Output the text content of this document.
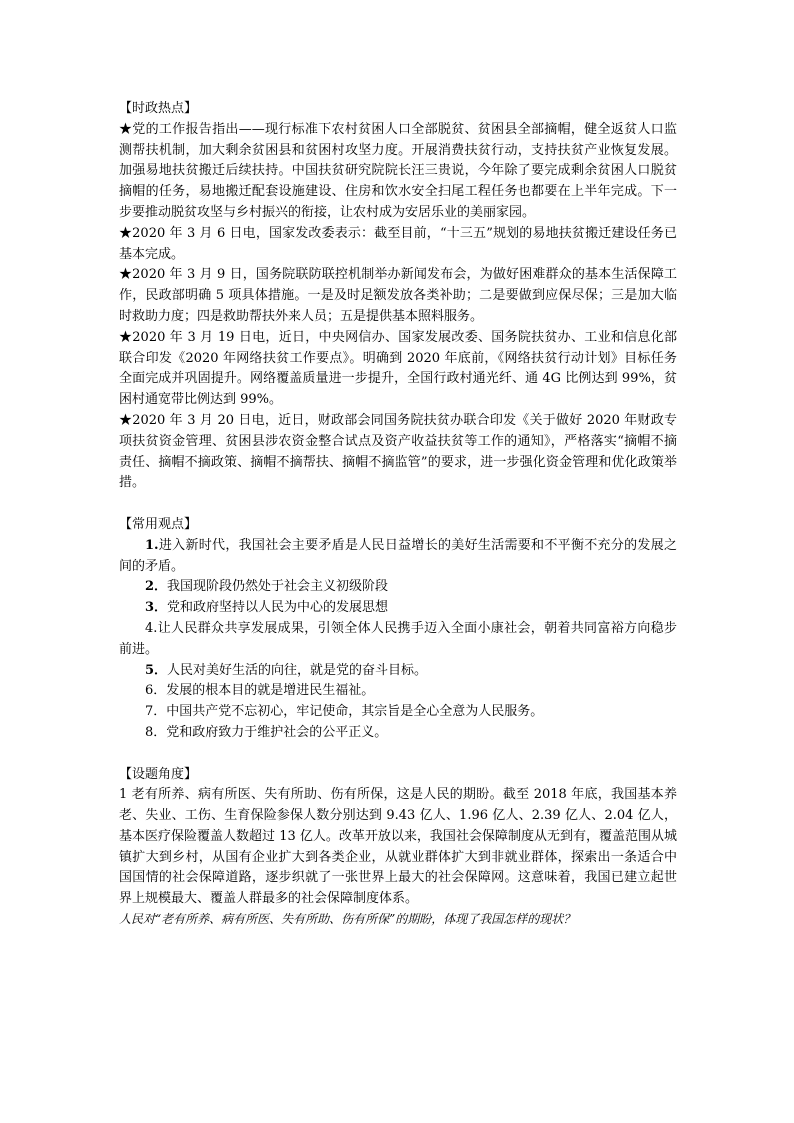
【时政热点】

★党的工作报告指出——现行标准下农村贫困人口全部脱贫、贫困县全部摘帽，健全返贫人口监测帮扶机制，加大剩余贫困县和贫困村攻坚力度。开展消费扶贫行动，支持扶贫产业恢复发展。加强易地扶贫搬迁后续扶持。中国扶贫研究院院长汪三贵说，今年除了要完成剩余贫困人口脱贫摘帽的任务，易地搬迁配套设施建设、住房和饮水安全扫尾工程任务也都要在上半年完成。下一步要推动脱贫攻坚与乡村振兴的衔接，让农村成为安居乐业的美丽家园。

★2020 年 3 月 6 日电，国家发改委表示：截至目前，“十三五”规划的易地扶贫搬迁建设任务已基本完成。

★2020 年 3 月 9 日，国务院联防联控机制举办新闻发布会，为做好困难群众的基本生活保障工作，民政部明确 5 项具体措施。一是及时足额发放各类补助；二是要做到应保尽保；三是加大临时救助力度；四是救助帮扶外来人员；五是提供基本照料服务。

★2020 年 3 月 19 日电，近日，中央网信办、国家发展改委、国务院扶贫办、工业和信息化部联合印发《2020 年网络扶贫工作要点》。明确到 2020 年底前，《网络扶贫行动计划》目标任务全面完成并巩固提升。网络覆盖质量进一步提升，全国行政村通光纤、通 4G 比例达到 99%，贫困村通宽带比例达到 99%。

★2020 年 3 月 20 日电，近日，财政部会同国务院扶贫办联合印发《关于做好 2020 年财政专项扶贫资金管理、贫困县涉农资金整合试点及资产收益扶贫等工作的通知》，严格落实“摘帽不摘责任、摘帽不摘政策、摘帽不摘帮扶、摘帽不摘监管”的要求，进一步强化资金管理和优化政策举措。

【常用观点】

1.进入新时代，我国社会主要矛盾是人民日益增长的美好生活需要和不平衡不充分的发展之间的矛盾。

2．我国现阶段仍然处于社会主义初级阶段

3．党和政府坚持以人民为中心的发展思想

4.让人民群众共享发展成果，引领全体人民携手迈入全面小康社会，朝着共同富裕方向稳步前进。

5．人民对美好生活的向往，就是党的奋斗目标。

6．发展的根本目的就是增进民生福祉。

7．中国共产党不忘初心，牢记使命，其宗旨是全心全意为人民服务。

8．党和政府致力于维护社会的公平正义。

【设题角度】

1 老有所养、病有所医、失有所助、伤有所保，这是人民的期盼。截至 2018 年底，我国基本养老、失业、工伤、生育保险参保人数分别达到 9.43 亿人、1.96 亿人、2.39 亿人、2.04 亿人，基本医疗保险覆盖人数超过 13 亿人。改革开放以来，我国社会保障制度从无到有，覆盖范围从城镇扩大到乡村，从国有企业扩大到各类企业，从就业群体扩大到非就业群体，探索出一条适合中国国情的社会保障道路，逐步织就了一张世界上最大的社会保障网。这意味着，我国已建立起世界上规模最大、覆盖人群最多的社会保障制度体系。

人民对“老有所养、病有所医、失有所助、伤有所保”的期盼，体现了我国怎样的现状？
